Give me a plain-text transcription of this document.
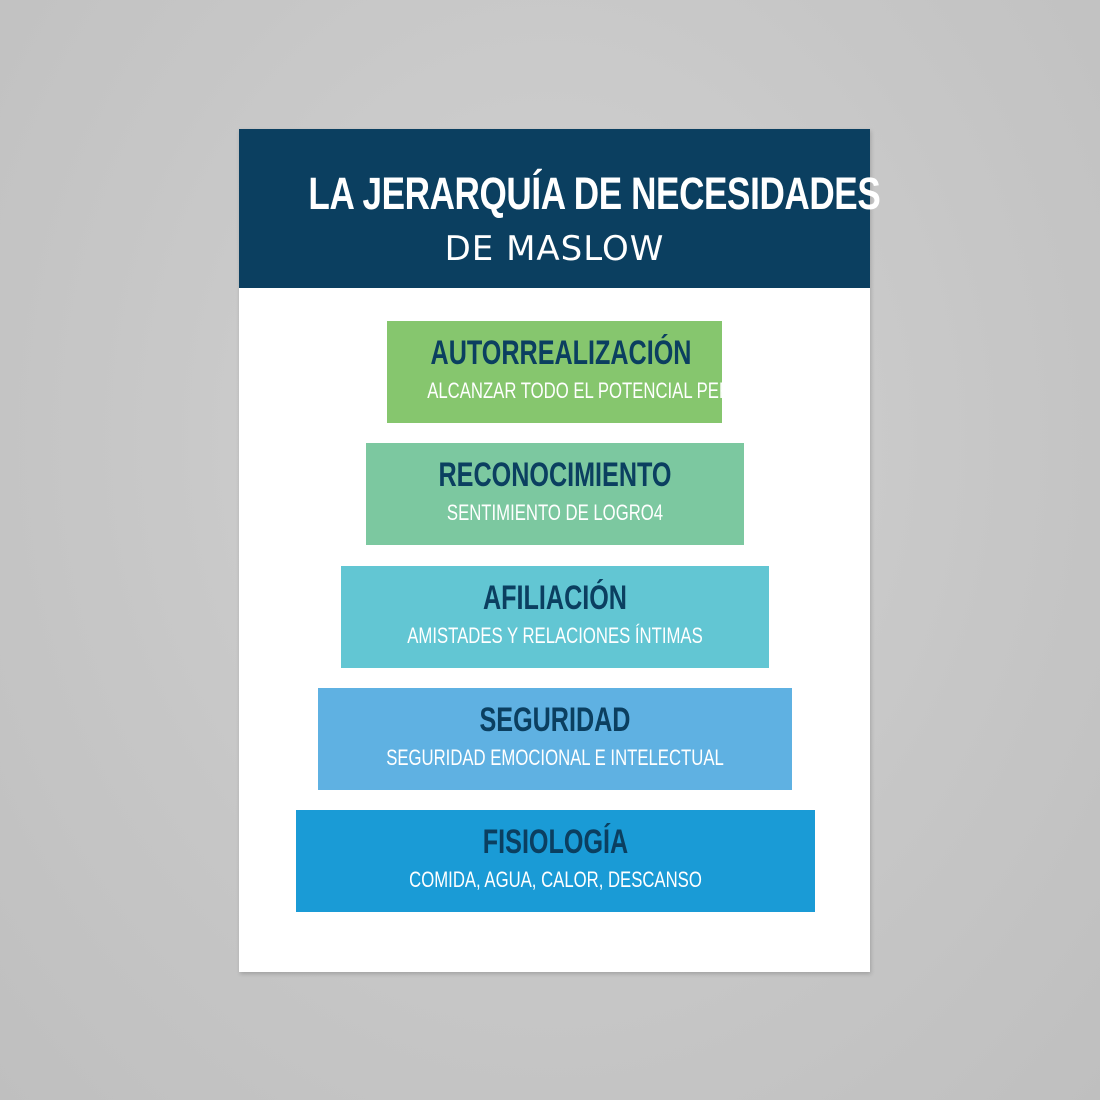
LA JERARQUÍA DE NECESIDADES
DE MASLOW
AUTORREALIZACIÓN
ALCANZAR TODO EL POTENCIAL PERSONAL
RECONOCIMIENTO
SENTIMIENTO DE LOGRO4
AFILIACIÓN
AMISTADES Y RELACIONES ÍNTIMAS
SEGURIDAD
SEGURIDAD EMOCIONAL E INTELECTUAL
FISIOLOGÍA
COMIDA, AGUA, CALOR, DESCANSO
